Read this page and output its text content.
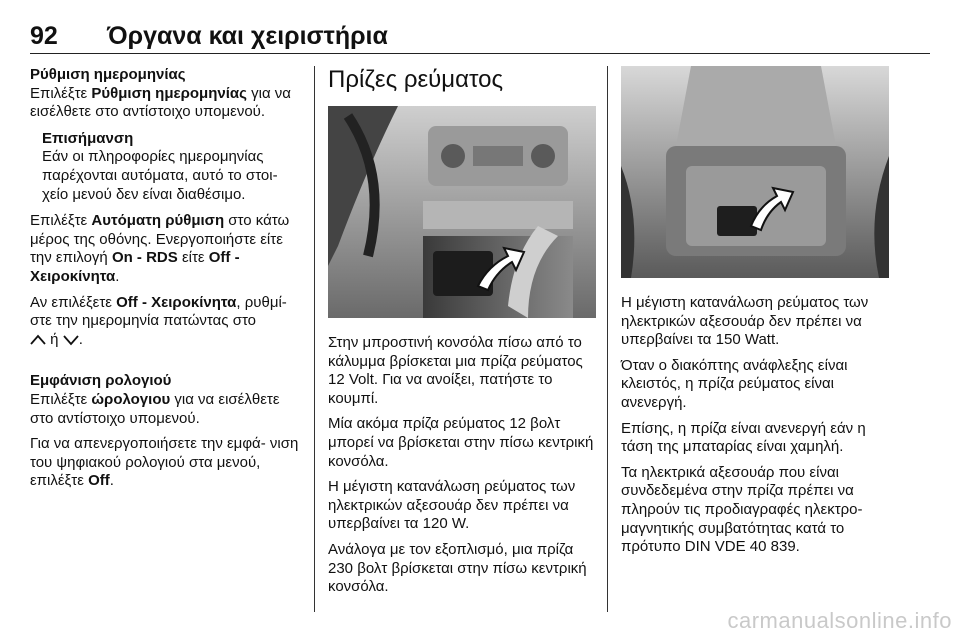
92 Όργανα και χειριστήρια
Ρύθμιση ημερομηνίας

Επιλέξτε Ρύθμιση ημερομηνίας για να εισέλθετε στο αντίστοιχο υπομενού.

Επισήμανση
Εάν οι πληροφορίες ημερομηνίας παρέχονται αυτόματα, αυτό το στοι- χείο μενού δεν είναι διαθέσιμο.

Επιλέξτε Αυτόματη ρύθμιση στο κάτω μέρος της οθόνης. Ενεργοποιήστε είτε την επιλογή On - RDS είτε Off - Χειροκίνητα.

Αν επιλέξετε Off - Χειροκίνητα, ρυθμί- στε την ημερομηνία πατώντας στο
ή .

Εμφάνιση ρολογιού

Επιλέξτε ώρολογιου για να εισέλθετε στο αντίστοιχο υπομενού.

Για να απενεργοποιήσετε την εμφά- νιση του ψηφιακού ρολογιού στα μενού, επιλέξτε Off.

Πρίζες ρεύματος

Στην μπροστινή κονσόλα πίσω από το κάλυμμα βρίσκεται μια πρίζα ρεύματος 12 Volt. Για να ανοίξει, πατήστε το κουμπί.

Μία ακόμα πρίζα ρεύματος 12 βολτ μπορεί να βρίσκεται στην πίσω κεντρική κονσόλα.

Η μέγιστη κατανάλωση ρεύματος των ηλεκτρικών αξεσουάρ δεν πρέπει να υπερβαίνει τα 120 W.

Ανάλογα με τον εξοπλισμό, μια πρίζα 230 βολτ βρίσκεται στην πίσω κεντρική κονσόλα.

Η μέγιστη κατανάλωση ρεύματος των ηλεκτρικών αξεσουάρ δεν πρέπει να υπερβαίνει τα 150 Watt.

Όταν ο διακόπτης ανάφλεξης είναι κλειστός, η πρίζα ρεύματος είναι ανενεργή.

Επίσης, η πρίζα είναι ανενεργή εάν η τάση της μπαταρίας είναι χαμηλή.

Τα ηλεκτρικά αξεσουάρ που είναι συνδεδεμένα στην πρίζα πρέπει να πληρούν τις προδιαγραφές ηλεκτρο- μαγνητικής συμβατότητας κατά το πρότυπο DIN VDE 40 839.

carmanualsonline.info
